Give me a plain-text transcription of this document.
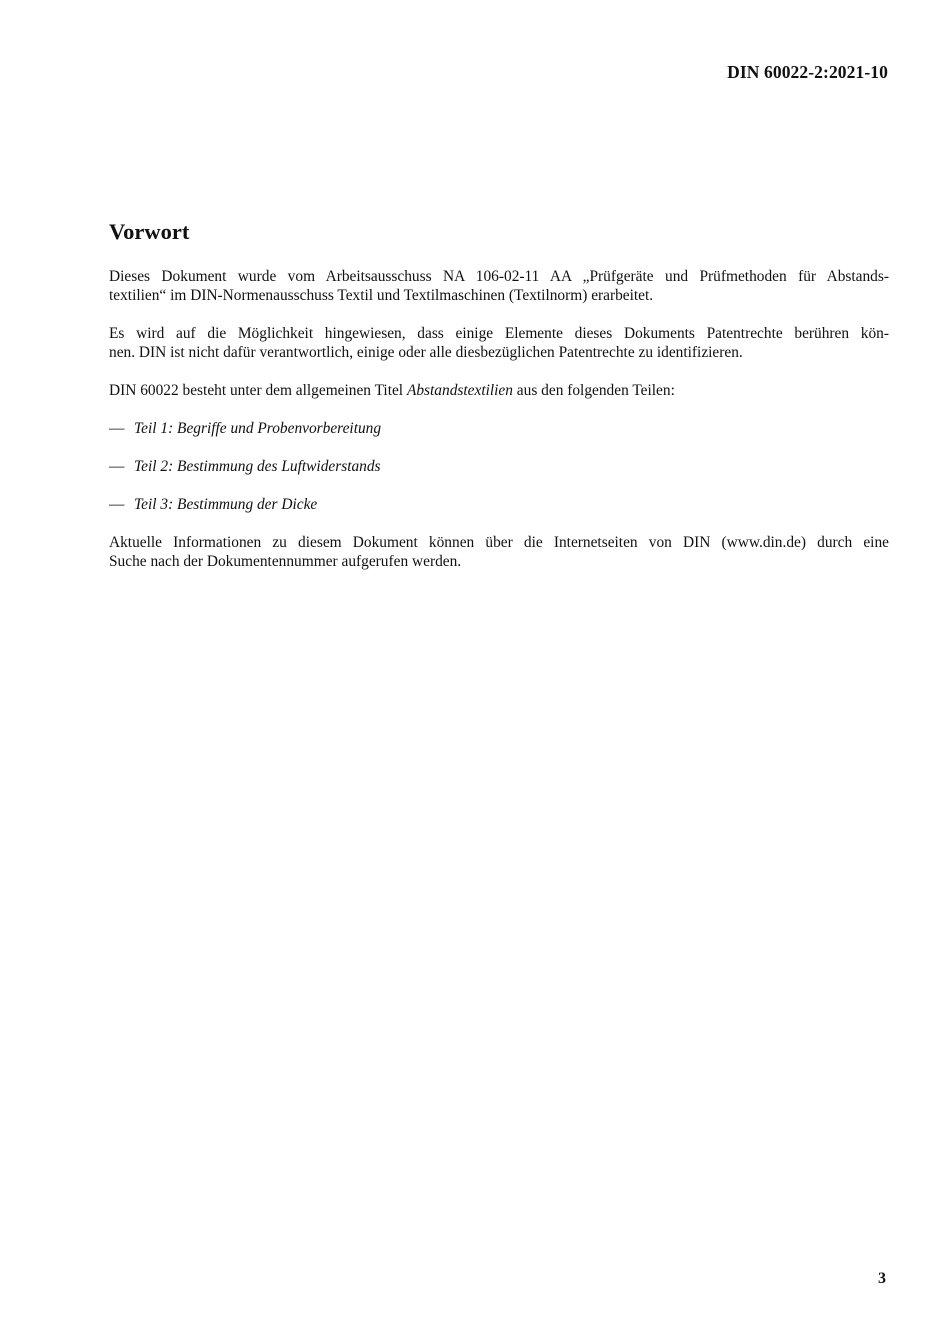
DIN 60022-2:2021-10
Vorwort

Dieses Dokument wurde vom Arbeitsausschuss NA 106-02-11 AA „Prüfgeräte und Prüfmethoden für Abstands-
textilien“ im DIN-Normenausschuss Textil und Textilmaschinen (Textilnorm) erarbeitet.

Es wird auf die Möglichkeit hingewiesen, dass einige Elemente dieses Dokuments Patentrechte berühren kön-
nen. DIN ist nicht dafür verantwortlich, einige oder alle diesbezüglichen Patentrechte zu identifizieren.

DIN 60022 besteht unter dem allgemeinen Titel Abstandstextilien aus den folgenden Teilen:

— Teil 1: Begriffe und Probenvorbereitung
— Teil 2: Bestimmung des Luftwiderstands
— Teil 3: Bestimmung der Dicke

Aktuelle Informationen zu diesem Dokument können über die Internetseiten von DIN (www.din.de) durch eine
Suche nach der Dokumentennummer aufgerufen werden.

3
